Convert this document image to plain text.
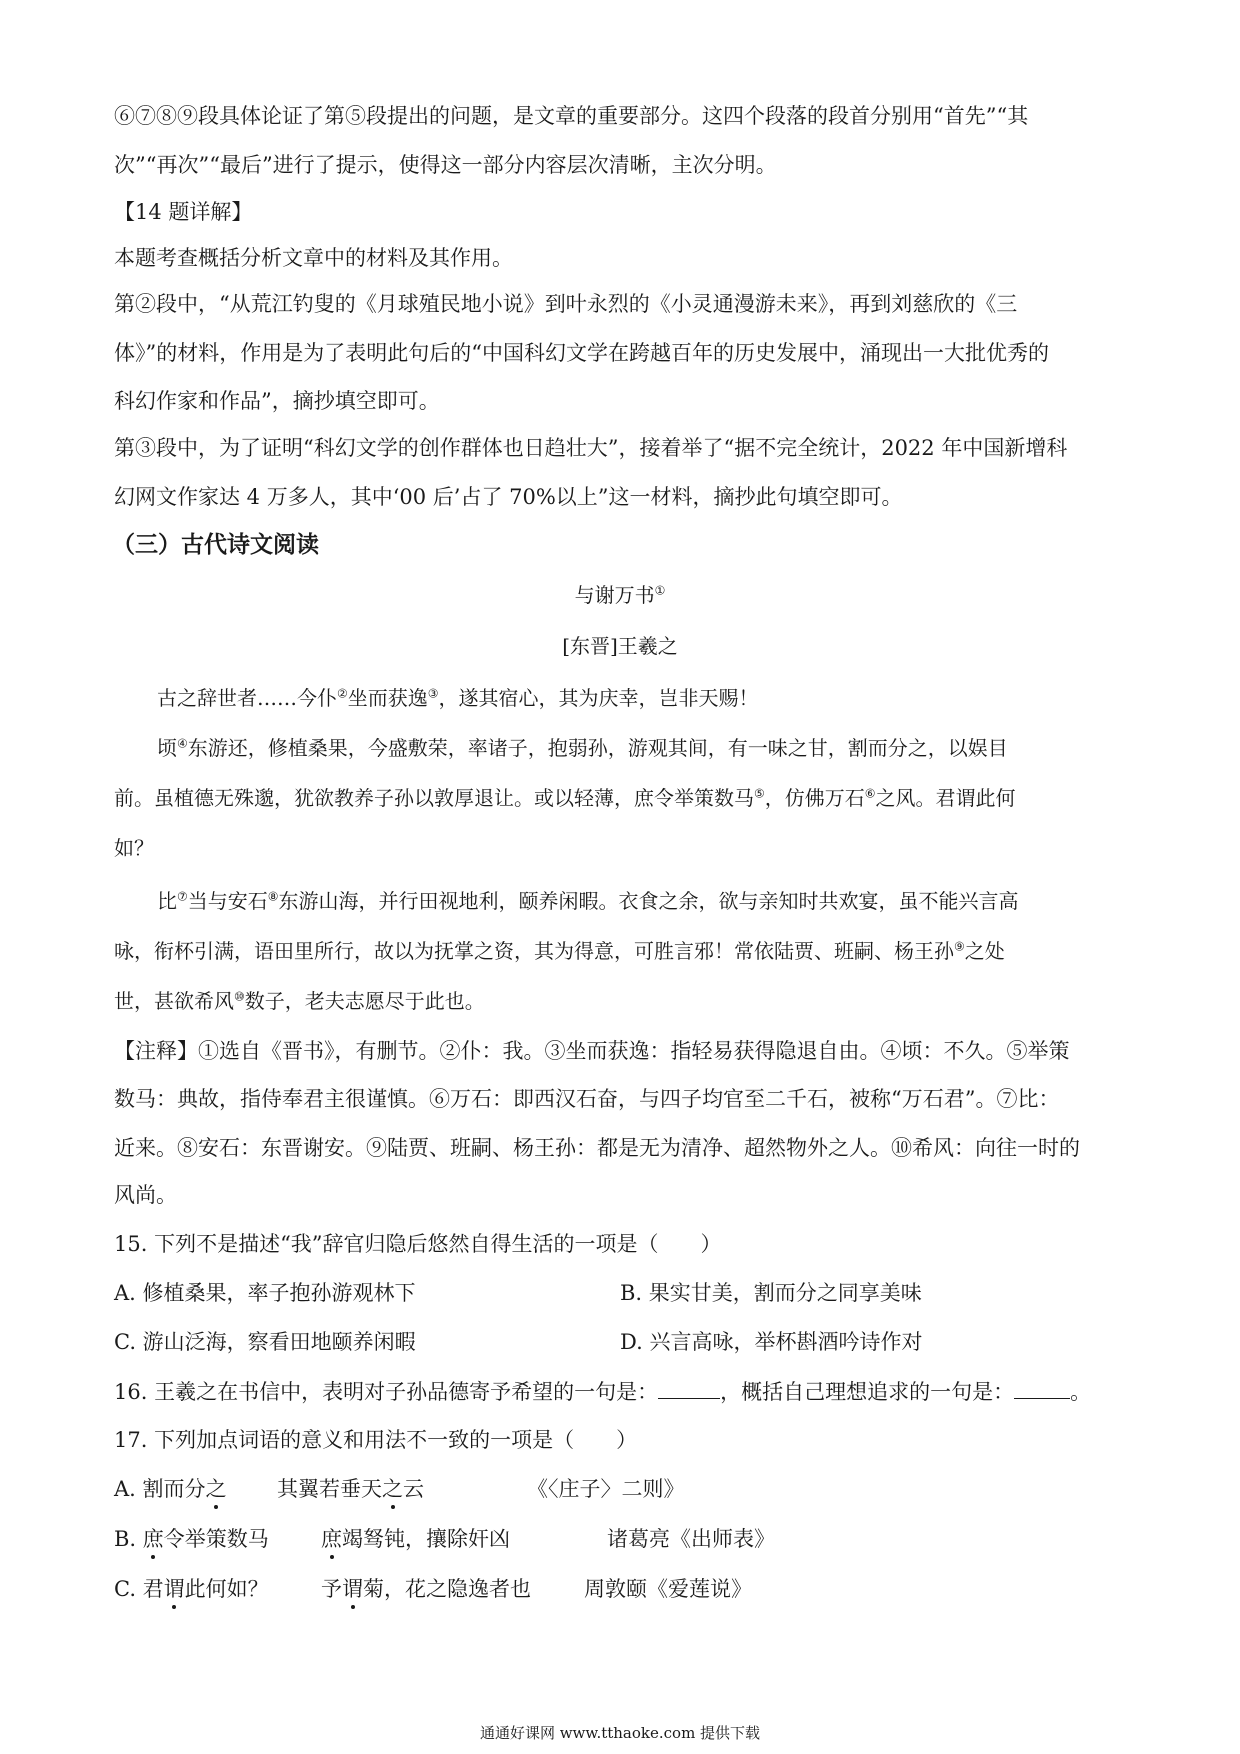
⑥⑦⑧⑨段具体论证了第⑤段提出的问题，是文章的重要部分。这四个段落的段首分别用“首先”“其
次”“再次”“最后”进行了提示，使得这一部分内容层次清晰，主次分明。
【14 题详解】
本题考查概括分析文章中的材料及其作用。
第②段中，“从荒江钓叟的《月球殖民地小说》到叶永烈的《小灵通漫游未来》，再到刘慈欣的《三
体》”的材料，作用是为了表明此句后的“中国科幻文学在跨越百年的历史发展中，涌现出一大批优秀的
科幻作家和作品”，摘抄填空即可。
第③段中，为了证明“科幻文学的创作群体也日趋壮大”，接着举了“据不完全统计，2022 年中国新增科
幻网文作家达 4 万多人，其中‘00 后’占了 70%以上”这一材料，摘抄此句填空即可。
（三）古代诗文阅读
与谢万书①
[东晋]王羲之
古之辞世者……今仆②坐而获逸③，遂其宿心，其为庆幸，岂非天赐！
顷④东游还，修植桑果，今盛敷荣，率诸子，抱弱孙，游观其间，有一味之甘，割而分之，以娱目
前。虽植德无殊邈，犹欲教养子孙以敦厚退让。或以轻薄，庶令举策数马⑤，仿佛万石⑥之风。君谓此何
如？
比⑦当与安石⑧东游山海，并行田视地利，颐养闲暇。衣食之余，欲与亲知时共欢宴，虽不能兴言高
咏，衔杯引满，语田里所行，故以为抚掌之资，其为得意，可胜言邪！常依陆贾、班嗣、杨王孙⑨之处
世，甚欲希风⑩数子，老夫志愿尽于此也。
【注释】①选自《晋书》，有删节。②仆：我。③坐而获逸：指轻易获得隐退自由。④顷：不久。⑤举策
数马：典故，指侍奉君主很谨慎。⑥万石：即西汉石奋，与四子均官至二千石，被称“万石君”。⑦比：
近来。⑧安石：东晋谢安。⑨陆贾、班嗣、杨王孙：都是无为清净、超然物外之人。⑩希风：向往一时的
风尚。
15. 下列不是描述“我”辞官归隐后悠然自得生活的一项是（　　）
A. 修植桑果，率子抱孙游观林下	B. 果实甘美，割而分之同享美味
C. 游山泛海，察看田地颐养闲暇	D. 兴言高咏，举杯斟酒吟诗作对
16. 王羲之在书信中，表明对子孙品德寄予希望的一句是：	，概括自己理想追求的一句是：	。
17. 下列加点词语的意义和用法不一致的一项是（　　）
A. 割而分之 其翼若垂天之云	《〈庄子〉二则》
B. 庶令举策数马 庶竭驽钝，攘除奸凶	诸葛亮《出师表》
C. 君谓此何如？ 予谓菊，花之隐逸者也	周敦颐《爱莲说》
通通好课网 www.tthaoke.com 提供下载
